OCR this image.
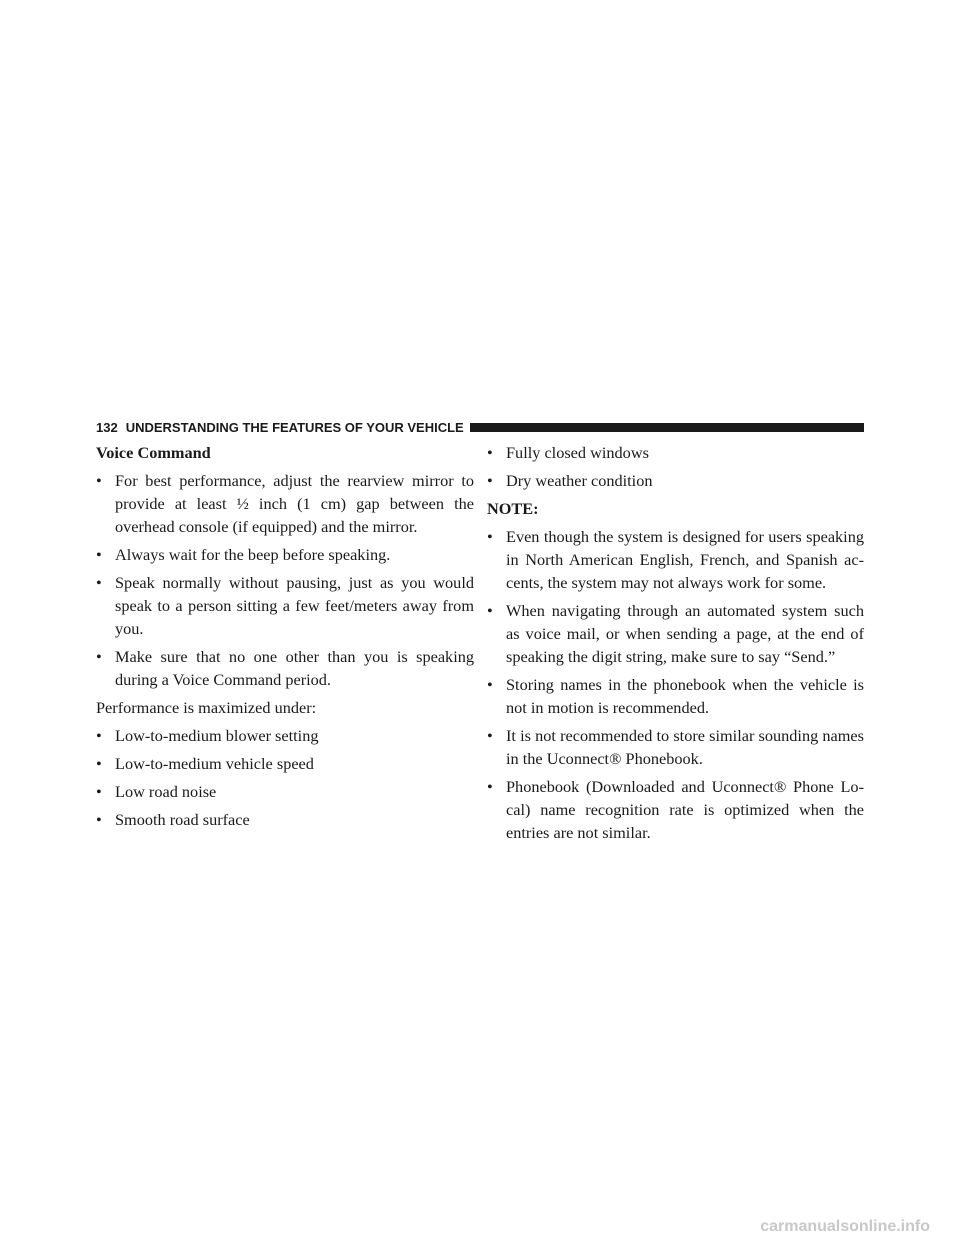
132 UNDERSTANDING THE FEATURES OF YOUR VEHICLE
Voice Command
• For best performance, adjust the rearview mirror to provide at least ½ inch (1 cm) gap between the overhead console (if equipped) and the mirror.
• Always wait for the beep before speaking.
• Speak normally without pausing, just as you would speak to a person sitting a few feet/meters away from you.
• Make sure that no one other than you is speaking during a Voice Command period.
Performance is maximized under:
• Low-to-medium blower setting
• Low-to-medium vehicle speed
• Low road noise
• Smooth road surface
• Fully closed windows
• Dry weather condition
NOTE:
• Even though the system is designed for users speaking in North American English, French, and Spanish ac- cents, the system may not always work for some.
• When navigating through an automated system such as voice mail, or when sending a page, at the end of speaking the digit string, make sure to say “Send.”
• Storing names in the phonebook when the vehicle is not in motion is recommended.
• It is not recommended to store similar sounding names in the Uconnect® Phonebook.
• Phonebook (Downloaded and Uconnect® Phone Lo- cal) name recognition rate is optimized when the entries are not similar.
carmanualsonline.info
